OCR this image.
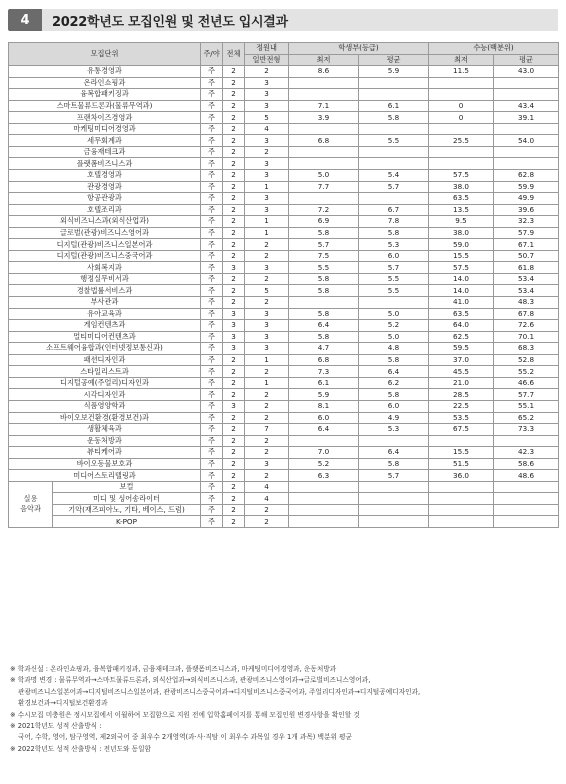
4	2022학년도 모집인원 및 전년도 입시결과
모집단위		주/야	전체	정원내	학생부(등급)		수능(백분위)	
				일반전형	최저	평균	최저	평균
유통경영과		주	2	2	8.6	5.9	11.5	43.0
온라인쇼핑과		주	2	3				
융복합패키징과		주	2	3				
스마트물류드론과(물류무역과)		주	2	3	7.1	6.1	0	43.4
프랜차이즈경영과		주	2	5	3.9	5.8	0	39.1
마케팅미디어경영과		주	2	4				
세무회계과		주	2	3	6.8	5.5	25.5	54.0
금융재테크과		주	2	2				
플랫폼비즈니스과		주	2	3				
호텔경영과		주	2	3	5.0	5.4	57.5	62.8
관광경영과		주	2	1	7.7	5.7	38.0	59.9
항공관광과		주	2	3			63.5	49.9
호텔조리과		주	2	3	7.2	6.7	13.5	39.6
외식비즈니스과(외식산업과)		주	2	1	6.9	7.8	9.5	32.3
글로벌(관광)비즈니스영어과		주	2	1	5.8	5.8	38.0	57.9
디지털(관광)비즈니스일본어과		주	2	2	5.7	5.3	59.0	67.1
디지털(관광)비즈니스중국어과		주	2	2	7.5	6.0	15.5	50.7
사회복지과		주	3	3	5.5	5.7	57.5	61.8
행정실무비서과		주	2	2	5.8	5.5	14.0	53.4
경찰법률서비스과		주	2	5	5.8	5.5	14.0	53.4
부사관과		주	2	2			41.0	48.3
유아교육과		주	3	3	5.8	5.0	63.5	67.8
게임컨텐츠과		주	3	3	6.4	5.2	64.0	72.6
멀티미디어컨텐츠과		주	3	3	5.8	5.0	62.5	70.1
소프트웨어융합과(인터넷정보통신과)		주	3	3	4.7	4.8	59.5	68.3
패션디자인과		주	2	1	6.8	5.8	37.0	52.8
스타일리스트과		주	2	2	7.3	6.4	45.5	55.2
디지털공예(주얼리)디자인과		주	2	1	6.1	6.2	21.0	46.6
시각디자인과		주	2	2	5.9	5.8	28.5	57.7
식품영양학과		주	3	2	8.1	6.0	22.5	55.1
바이오보건환경(환경보건)과		주	2	2	6.0	4.9	53.5	65.2
생활체육과		주	2	7	6.4	5.3	67.5	73.3
운동처방과		주	2	2				
뷰티케어과		주	2	2	7.0	6.4	15.5	42.3
바이오동물보호과		주	2	3	5.2	5.8	51.5	58.6
미디어스토리텔링과		주	2	2	6.3	5.7	36.0	48.6
실용
음악과	보컬	주	2	4				
	미디 및 싱어송라이터	주	2	4				
	기악(재즈피아노, 기타, 베이스, 드럼)	주	2	2				
	K-POP	주	2	2				
※ 학과신설 : 온라인쇼핑과, 융복합패키징과, 금융재테크과, 플랫폼비즈니스과, 마케팅미디어경영과, 운동처방과
※ 학과명 변경 : 물류무역과→스마트물류드론과, 외식산업과→외식비즈니스과, 관광비즈니스영어과→글로벌비즈니스영어과,
관광비즈니스일본어과→디지털비즈니스일본어과, 관광비즈니스중국어과→디지털비즈니스중국어과, 주얼리디자인과→디지털공예디자인과,
환경보건과→디지털보건환경과
※ 수시모집 미충원은 정시모집에서 이월하여 모집함으로 지원 전에 입학홈페이지를 통해 모집인원 변경사항을 확인할 것
※ 2021학년도 성적 산출방식 :
국어, 수학, 영어, 탐구영역, 제2외국어 중 최우수 2개영역(과·사·직탐 이 최우수 과목일 경우 1개 과목) 백분위 평균
※ 2022학년도 성적 산출방식 : 전년도와 동일함
